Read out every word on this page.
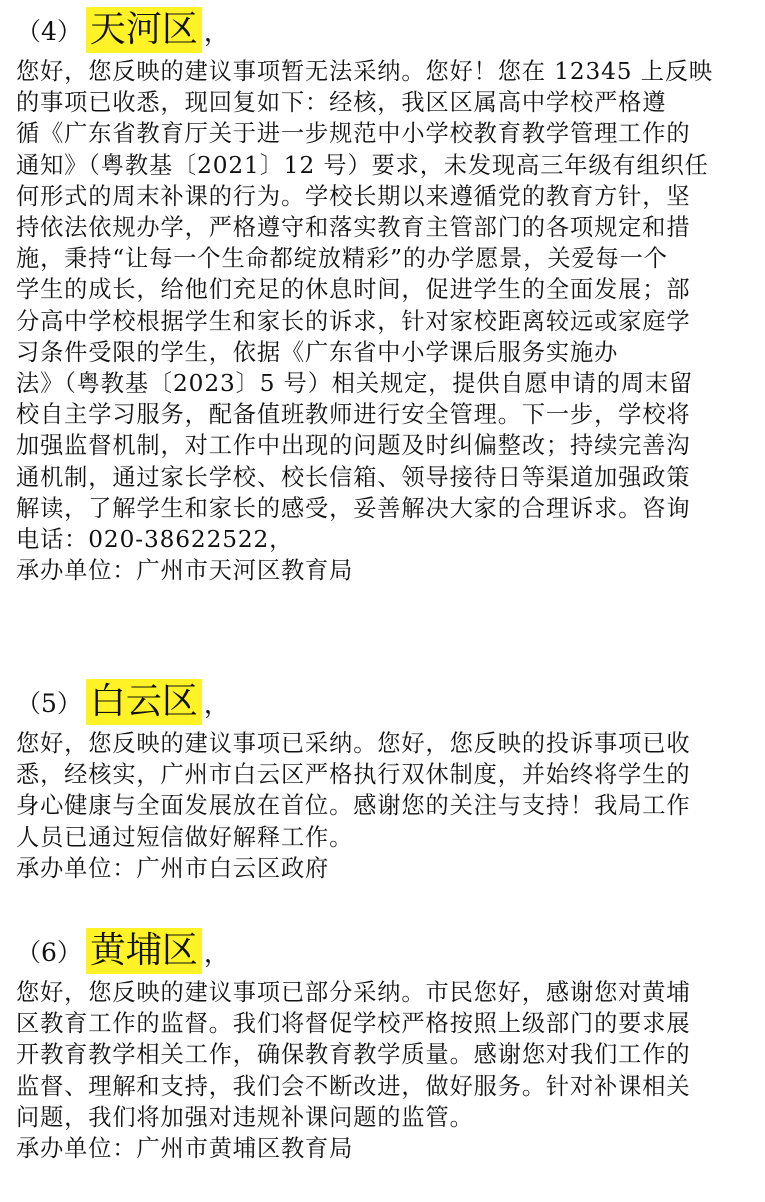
（4） 天河区 ，

您好，您反映的建议事项暂无法采纳。您好！您在 12345 上反映
的事项已收悉，现回复如下：经核，我区区属高中学校严格遵
循《广东省教育厅关于进一步规范中小学校教育教学管理工作的
通知》（粤教基〔2021〕12 号）要求，未发现高三年级有组织任
何形式的周末补课的行为。学校长期以来遵循党的教育方针，坚
持依法依规办学，严格遵守和落实教育主管部门的各项规定和措
施，秉持“让每一个生命都绽放精彩”的办学愿景，关爱每一个
学生的成长，给他们充足的休息时间，促进学生的全面发展；部
分高中学校根据学生和家长的诉求，针对家校距离较远或家庭学
习条件受限的学生，依据《广东省中小学课后服务实施办
法》（粤教基〔2023〕5 号）相关规定，提供自愿申请的周末留
校自主学习服务，配备值班教师进行安全管理。下一步，学校将
加强监督机制，对工作中出现的问题及时纠偏整改；持续完善沟
通机制，通过家长学校、校长信箱、领导接待日等渠道加强政策
解读，了解学生和家长的感受，妥善解决大家的合理诉求。咨询
电话：020-38622522，

承办单位：广州市天河区教育局
（5） 白云区 ，

您好，您反映的建议事项已采纳。您好，您反映的投诉事项已收
悉，经核实，广州市白云区严格执行双休制度，并始终将学生的
身心健康与全面发展放在首位。感谢您的关注与支持！我局工作
人员已通过短信做好解释工作。

承办单位：广州市白云区政府
（6） 黄埔区 ，

您好，您反映的建议事项已部分采纳。市民您好，感谢您对黄埔
区教育工作的监督。我们将督促学校严格按照上级部门的要求展
开教育教学相关工作，确保教育教学质量。感谢您对我们工作的
监督、理解和支持，我们会不断改进，做好服务。针对补课相关
问题，我们将加强对违规补课问题的监管。

承办单位：广州市黄埔区教育局
